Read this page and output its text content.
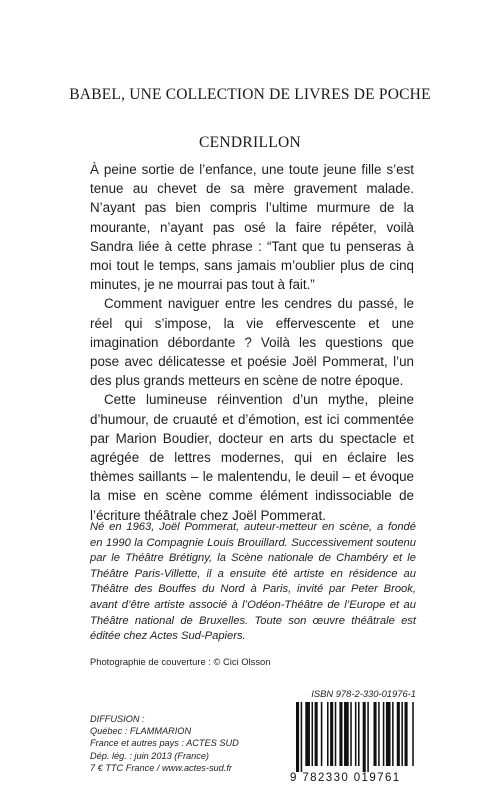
BABEL, UNE COLLECTION DE LIVRES DE POCHE
CENDRILLON

À peine sortie de l’enfance, une toute jeune fille s’est tenue au chevet de sa mère gravement malade. N’ayant pas bien compris l’ultime murmure de la mourante, n’ayant pas osé la faire répéter, voilà Sandra liée à cette phrase : “Tant que tu penseras à moi tout le temps, sans jamais m’oublier plus de cinq minutes, je ne mourrai pas tout à fait.”

Comment naviguer entre les cendres du passé, le réel qui s’impose, la vie effervescente et une imagination débordante ? Voilà les questions que pose avec délicatesse et poésie Joël Pommerat, l’un des plus grands metteurs en scène de notre époque.

Cette lumineuse réinvention d’un mythe, pleine d’humour, de cruauté et d’émotion, est ici commentée par Marion Boudier, docteur en arts du spectacle et agrégée de lettres modernes, qui en éclaire les thèmes saillants – le malentendu, le deuil – et évoque la mise en scène comme élément indissociable de l’écriture théâtrale chez Joël Pommerat.

Né en 1963, Joël Pommerat, auteur-metteur en scène, a fondé en 1990 la Compagnie Louis Brouillard. Successivement soutenu par le Théâtre Brétigny, la Scène nationale de Chambéry et le Théâtre Paris-Villette, il a ensuite été artiste en résidence au Théâtre des Bouffes du Nord à Paris, invité par Peter Brook, avant d’être artiste associé à l’Odéon-Théâtre de l’Europe et au Théâtre national de Bruxelles. Toute son œuvre théâtrale est éditée chez Actes Sud-Papiers.

Photographie de couverture : © Cici Olsson
ISBN 978-2-330-01976-1
DIFFUSION :
Québec : FLAMMARION
France et autres pays : ACTES SUD
Dép. lég. : juin 2013 (France)
7 € TTC France / www.actes-sud.fr
9 782330 019761
